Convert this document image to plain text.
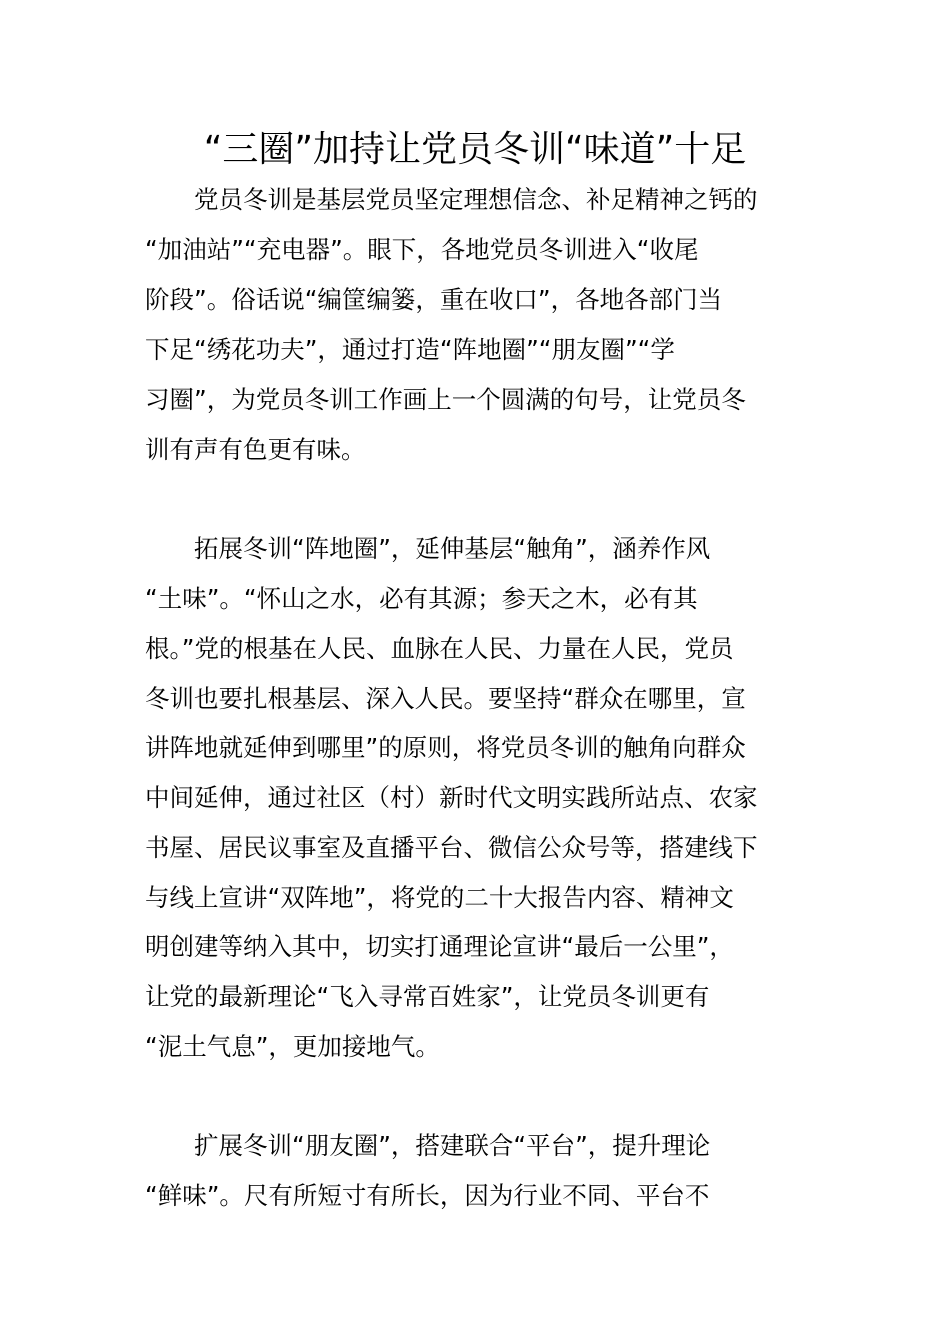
“三圈”加持让党员冬训“味道”十足

　　党员冬训是基层党员坚定理想信念、补足精神之钙的

“加油站”“充电器”。眼下，各地党员冬训进入“收尾

阶段”。俗话说“编筐编篓，重在收口”，各地各部门当

下足“绣花功夫”，通过打造“阵地圈”“朋友圈”“学

习圈”，为党员冬训工作画上一个圆满的句号，让党员冬

训有声有色更有味。

　　拓展冬训“阵地圈”，延伸基层“触角”，涵养作风

“土味”。“怀山之水，必有其源；参天之木，必有其

根。”党的根基在人民、血脉在人民、力量在人民，党员

冬训也要扎根基层、深入人民。要坚持“群众在哪里，宣

讲阵地就延伸到哪里”的原则，将党员冬训的触角向群众

中间延伸，通过社区（村）新时代文明实践所站点、农家

书屋、居民议事室及直播平台、微信公众号等，搭建线下

与线上宣讲“双阵地”，将党的二十大报告内容、精神文

明创建等纳入其中，切实打通理论宣讲“最后一公里”，

让党的最新理论“飞入寻常百姓家”，让党员冬训更有

“泥土气息”，更加接地气。

　　扩展冬训“朋友圈”，搭建联合“平台”，提升理论

“鲜味”。尺有所短寸有所长，因为行业不同、平台不
